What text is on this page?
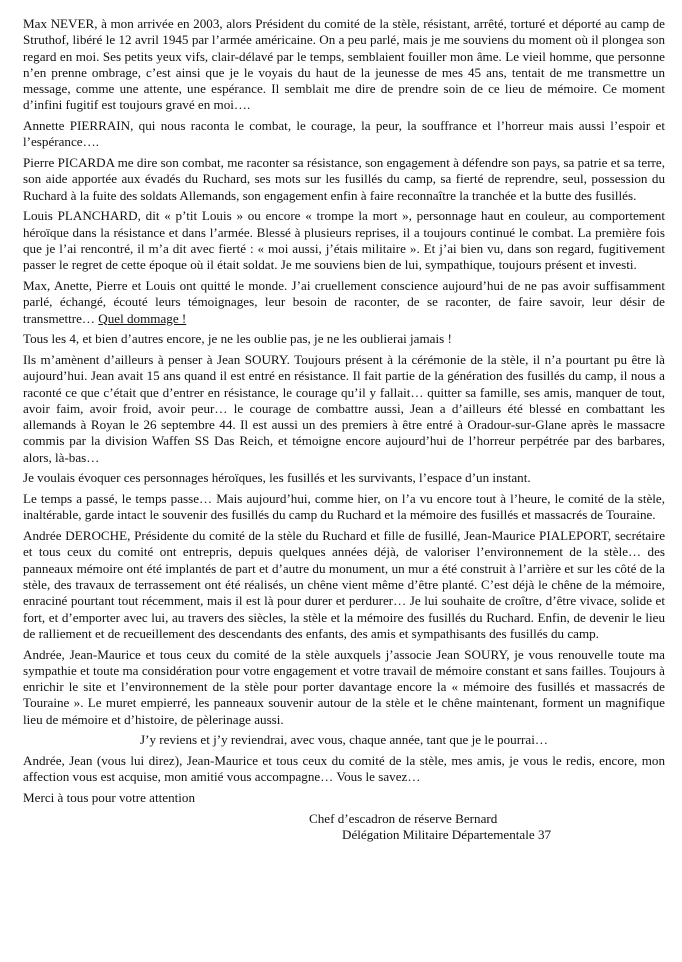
Max NEVER, à mon arrivée en 2003, alors Président du comité de la stèle, résistant, arrêté, torturé et déporté au camp de Struthof, libéré le 12 avril 1945 par l’armée américaine. On a peu parlé, mais je me souviens du moment où il plongea son regard en moi. Ses petits yeux vifs, clair-délavé par le temps, semblaient fouiller mon âme. Le vieil homme, que personne n’en prenne ombrage, c’est ainsi que je le voyais du haut de la jeunesse de mes 45 ans, tentait de me transmettre un message, comme une attente, une espérance. Il semblait me dire de prendre soin de ce lieu de mémoire. Ce moment d’infini fugitif est toujours gravé en moi….

Annette PIERRAIN, qui nous raconta le combat, le courage, la peur, la souffrance et l’horreur mais aussi l’espoir et l’espérance….

Pierre PICARDA me dire son combat, me raconter sa résistance, son engagement à défendre son pays, sa patrie et sa terre, son aide apportée aux évadés du Ruchard, ses mots sur les fusillés du camp, sa fierté de reprendre, seul, possession du Ruchard à la fuite des soldats Allemands, son engagement enfin à faire reconnaître la tranchée et la butte des fusillés.

Louis PLANCHARD, dit « p’tit Louis » ou encore « trompe la mort », personnage haut en couleur, au comportement héroïque dans la résistance et dans l’armée. Blessé à plusieurs reprises, il a toujours continué le combat. La première fois que je l’ai rencontré, il m’a dit avec fierté : « moi aussi, j’étais militaire ». Et j’ai bien vu, dans son regard, fugitivement passer le regret de cette époque où il était soldat. Je me souviens bien de lui, sympathique, toujours présent et investi.

Max, Anette, Pierre et Louis ont quitté le monde. J’ai cruellement conscience aujourd’hui de ne pas avoir suffisamment parlé, échangé, écouté leurs témoignages, leur besoin de raconter, de se raconter, de faire savoir, leur désir de transmettre… Quel dommage !

Tous les 4, et bien d’autres encore, je ne les oublie pas, je ne les oublierai jamais !

Ils m’amènent d’ailleurs à penser à Jean SOURY. Toujours présent à la cérémonie de la stèle, il n’a pourtant pu être là aujourd’hui. Jean avait 15 ans quand il est entré en résistance. Il fait partie de la génération des fusillés du camp, il nous a raconté ce que c’était que d’entrer en résistance, le courage qu’il y fallait… quitter sa famille, ses amis, manquer de tout, avoir faim, avoir froid, avoir peur… le courage de combattre aussi, Jean a d’ailleurs été blessé en combattant les allemands à Royan le 26 septembre 44. Il est aussi un des premiers à être entré à Oradour-sur-Glane après le massacre commis par la division Waffen SS Das Reich, et témoigne encore aujourd’hui de l’horreur perpétrée par des barbares, alors, là-bas…

Je voulais évoquer ces personnages héroïques, les fusillés et les survivants, l’espace d’un instant.

Le temps a passé, le temps passe… Mais aujourd’hui, comme hier, on l’a vu encore tout à l’heure, le comité de la stèle, inaltérable, garde intact le souvenir des fusillés du camp du Ruchard et la mémoire des fusillés et massacrés de Touraine.

Andrée DEROCHE, Présidente du comité de la stèle du Ruchard et fille de fusillé, Jean-Maurice PIALEPORT, secrétaire et tous ceux du comité ont entrepris, depuis quelques années déjà, de valoriser l’environnement de la stèle… des panneaux mémoire ont été implantés de part et d’autre du monument, un mur a été construit à l’arrière et sur les côté de la stèle, des travaux de terrassement ont été réalisés, un chêne vient même d’être planté. C’est déjà le chêne de la mémoire, enraciné pourtant tout récemment, mais il est là pour durer et perdurer… Je lui souhaite de croître, d’être vivace, solide et fort, et d’emporter avec lui, au travers des siècles, la stèle et la mémoire des fusillés du Ruchard. Enfin, de devenir le lieu de ralliement et de recueillement des descendants des enfants, des amis et sympathisants des fusillés du camp.

Andrée, Jean-Maurice et tous ceux du comité de la stèle auxquels j’associe Jean SOURY, je vous renouvelle toute ma sympathie et toute ma considération pour votre engagement et votre travail de mémoire constant et sans failles. Toujours à enrichir le site et l’environnement de la stèle pour porter davantage encore la « mémoire des fusillés et massacrés de Touraine ». Le muret empierré, les panneaux souvenir autour de la stèle et le chêne maintenant, forment un magnifique lieu de mémoire et d’histoire, de pèlerinage aussi.

J’y reviens et j’y reviendrai, avec vous, chaque année, tant que je le pourrai…

Andrée, Jean (vous lui direz), Jean-Maurice et tous ceux du comité de la stèle, mes amis, je vous le redis, encore, mon affection vous est acquise, mon amitié vous accompagne… Vous le savez…

Merci à tous pour votre attention

Chef d’escadron de réserve Bernard

Délégation Militaire Départementale 37
